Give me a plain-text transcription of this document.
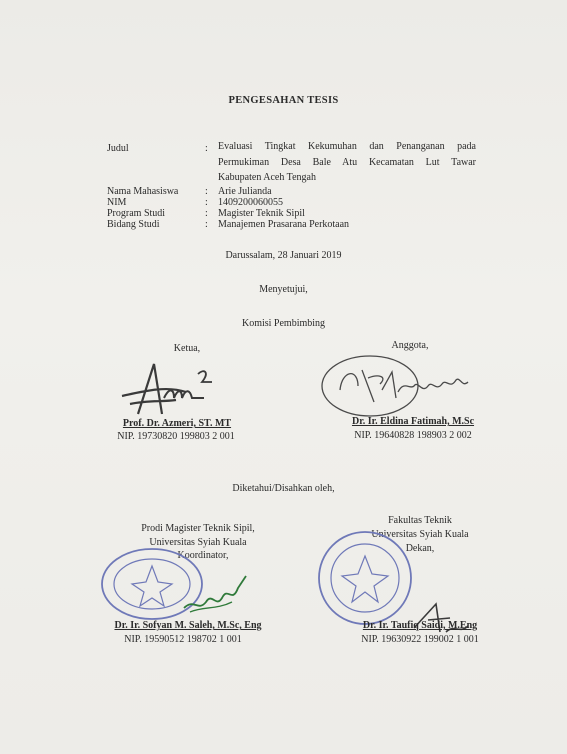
PENGESAHAN TESIS
Judul	: Evaluasi Tingkat Kekumuhan dan Penanganan pada
Permukiman Desa Bale Atu Kecamatan Lut Tawar
Kabupaten Aceh Tengah
Nama Mahasiswa	: Arie Julianda
NIM	: 1409200060055
Program Studi	: Magister Teknik Sipil
Bidang Studi	: Manajemen Prasarana Perkotaan
Darussalam, 28 Januari 2019
Menyetujui,
Komisi Pembimbing
Ketua,
Prof. Dr. Azmeri, ST. MT
NIP. 19730820 199803 2 001
Anggota,
Dr. Ir. Eldina Fatimah, M.Sc
NIP. 19640828 198903 2 002
Diketahui/Disahkan oleh,
Prodi Magister Teknik Sipil,
Universitas Syiah Kuala
Koordinator,
Dr. Ir. Sofyan M. Saleh, M.Sc, Eng
NIP. 19590512 198702 1 001
Fakultas Teknik
Universitas Syiah Kuala
Dekan,
Dr. Ir. Taufiq Saidi, M.Eng
NIP. 19630922 199002 1 001
